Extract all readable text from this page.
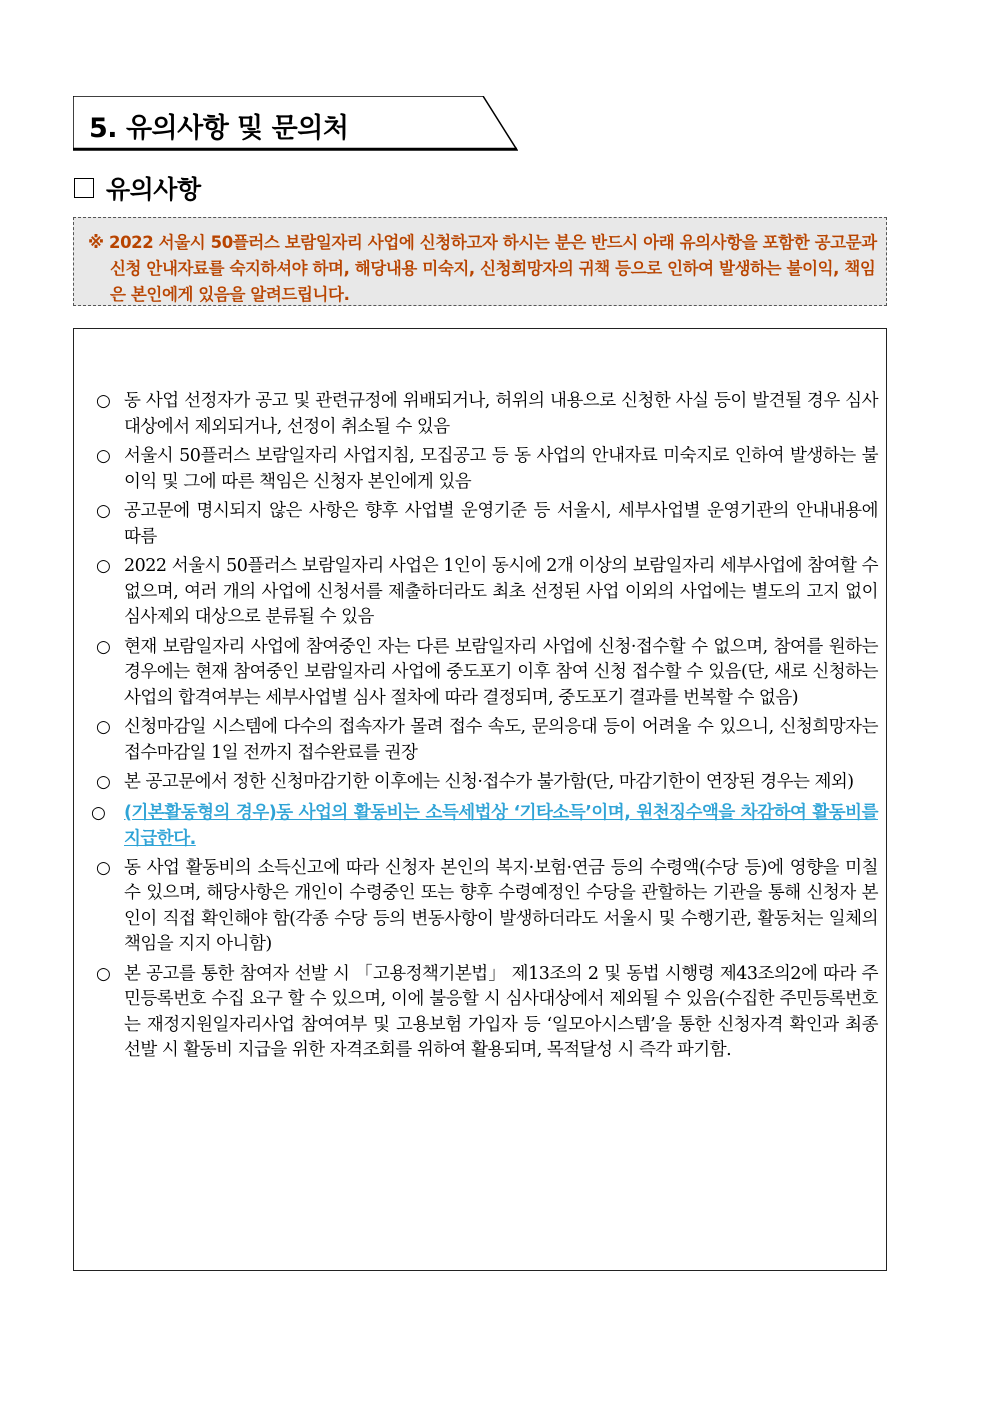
5. 유의사항 및 문의처
유의사항

※ 2022 서울시 50플러스 보람일자리 사업에 신청하고자 하시는 분은 반드시 아래 유의사항을 포함한 공고문과 신청 안내자료를 숙지하셔야 하며, 해당내용 미숙지, 신청희망자의 귀책 등으로 인하여 발생하는 불이익, 책임은 본인에게 있음을 알려드립니다.

○ 동 사업 선정자가 공고 및 관련규정에 위배되거나, 허위의 내용으로 신청한 사실 등이 발견될 경우 심사대상에서 제외되거나, 선정이 취소될 수 있음
○ 서울시 50플러스 보람일자리 사업지침, 모집공고 등 동 사업의 안내자료 미숙지로 인하여 발생하는 불이익 및 그에 따른 책임은 신청자 본인에게 있음
○ 공고문에 명시되지 않은 사항은 향후 사업별 운영기준 등 서울시, 세부사업별 운영기관의 안내내용에 따름
○ 2022 서울시 50플러스 보람일자리 사업은 1인이 동시에 2개 이상의 보람일자리 세부사업에 참여할 수 없으며, 여러 개의 사업에 신청서를 제출하더라도 최초 선정된 사업 이외의 사업에는 별도의 고지 없이 심사제외 대상으로 분류될 수 있음
○ 현재 보람일자리 사업에 참여중인 자는 다른 보람일자리 사업에 신청·접수할 수 없으며, 참여를 원하는 경우에는 현재 참여중인 보람일자리 사업에 중도포기 이후 참여 신청 접수할 수 있음(단, 새로 신청하는 사업의 합격여부는 세부사업별 심사 절차에 따라 결정되며, 중도포기 결과를 번복할 수 없음)
○ 신청마감일 시스템에 다수의 접속자가 몰려 접수 속도, 문의응대 등이 어려울 수 있으니, 신청희망자는 접수마감일 1일 전까지 접수완료를 권장
○ 본 공고문에서 정한 신청마감기한 이후에는 신청·접수가 불가함(단, 마감기한이 연장된 경우는 제외)
○ (기본활동형의 경우)동 사업의 활동비는 소득세법상 ‘기타소득’이며, 원천징수액을 차감하여 활동비를 지급한다.
○ 동 사업 활동비의 소득신고에 따라 신청자 본인의 복지·보험·연금 등의 수령액(수당 등)에 영향을 미칠 수 있으며, 해당사항은 개인이 수령중인 또는 향후 수령예정인 수당을 관할하는 기관을 통해 신청자 본인이 직접 확인해야 함(각종 수당 등의 변동사항이 발생하더라도 서울시 및 수행기관, 활동처는 일체의 책임을 지지 아니함)
○ 본 공고를 통한 참여자 선발 시 「고용정책기본법」 제13조의 2 및 동법 시행령 제43조의2에 따라 주민등록번호 수집 요구 할 수 있으며, 이에 불응할 시 심사대상에서 제외될 수 있음(수집한 주민등록번호는 재정지원일자리사업 참여여부 및 고용보험 가입자 등 ‘일모아시스템’을 통한 신청자격 확인과 최종선발 시 활동비 지급을 위한 자격조회를 위하여 활용되며, 목적달성 시 즉각 파기함.
